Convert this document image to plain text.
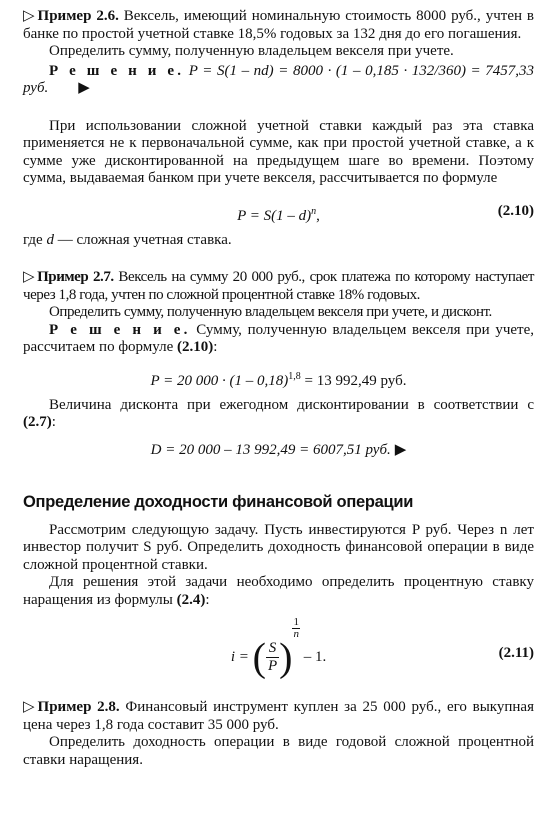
▷ Пример 2.6. Вексель, имеющий номинальную стоимость 8000 руб., учтен в банке по простой учетной ставке 18,5% годовых за 132 дня до его погашения.

Определить сумму, полученную владельцем векселя при учете.

Р е ш е н и е. P = S(1 – nd) = 8000 · (1 – 0,185 · 132/360) = 7457,33 руб. ▶

При использовании сложной учетной ставки каждый раз эта ставка применяется не к первоначальной сумме, как при простой учетной ставке, а к сумме уже дисконтированной на предыдущем шаге во времени. Поэтому сумма, выдаваемая банком при учете векселя, рассчитывается по формуле

P = S(1 – d)$^n$,	(2.10)

где d — сложная учетная ставка.

▷ Пример 2.7. Вексель на сумму 20 000 руб., срок платежа по которому наступает через 1,8 года, учтен по сложной процентной ставке 18% годовых.

Определить сумму, полученную владельцем векселя при учете, и дисконт.

Р е ш е н и е. Сумму, полученную владельцем векселя при учете, рассчитаем по формуле (2.10):

P = 20 000 · (1 – 0,18)$^{1,8}$ = 13 992,49 руб.

Величина дисконта при ежегодном дисконтировании в соответствии с (2.7):

D = 20 000 – 13 992,49 = 6007,51 руб. ▶
Определение доходности финансовой операции

Рассмотрим следующую задачу. Пусть инвестируются P руб. Через n лет инвестор получит S руб. Определить доходность финансовой операции в виде сложной процентной ставки.

Для решения этой задачи необходимо определить процентную ставку наращения из формулы (2.4):

i = ( $\frac{S}{P}$ )
$\frac{1}{n}$
– 1.	(2.11)

▷ Пример 2.8. Финансовый инструмент куплен за 25 000 руб., его выкупная цена через 1,8 года составит 35 000 руб.

Определить доходность операции в виде годовой сложной процентной ставки наращения.
